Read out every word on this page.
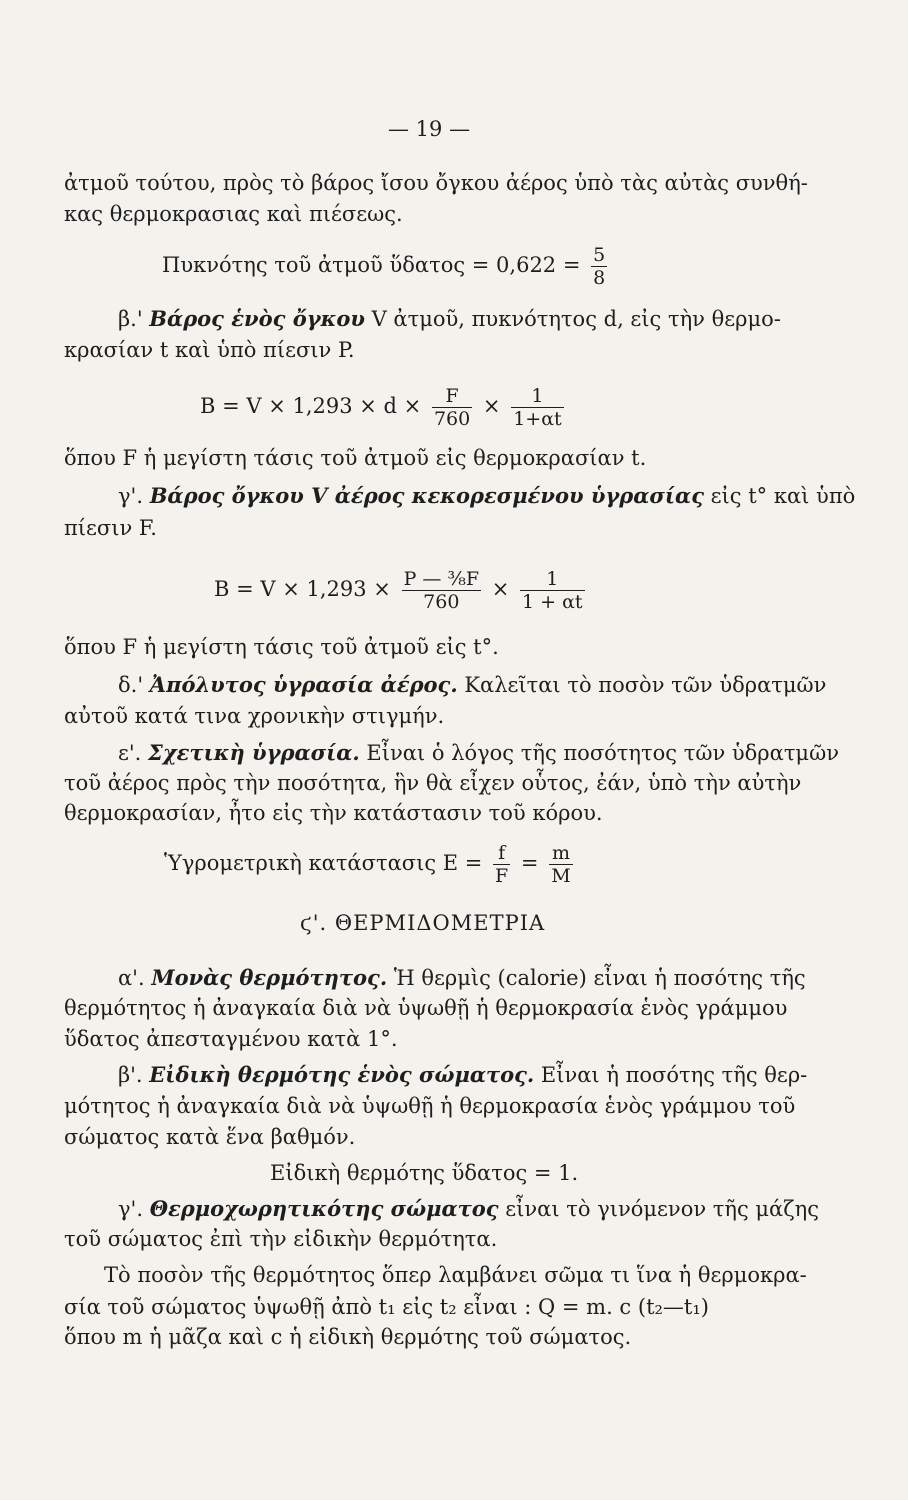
— 19 —
ἀτμοῦ τούτου, πρὸς τὸ βάρος ἴσου ὄγκου ἀέρος ὑπὸ τὰς αὐτὰς συνθή-
κας θερμοκρασιας καὶ πιέσεως.
Πυκνότης τοῦ ἀτμοῦ ὕδατος = $0,622 = \frac{5}{8}$
β.' Βάρος ἑνὸς ὄγκου V ἀτμοῦ, πυκνότητος d, εἰς τὴν θερμο-
κρασίαν t καὶ ὑπὸ πίεσιν P.
$B = V \times 1,293 \times d \times \frac{F}{760} \times \frac{1}{1+\alpha t}$
ὅπου F ἡ μεγίστη τάσις τοῦ ἀτμοῦ εἰς θερμοκρασίαν t.
γ'. Βάρος ὄγκου V ἀέρος κεκορεσμένου ὑγρασίας εἰς t° καὶ ὑπὸ
πίεσιν F.
$B = V \times 1,293 \times \frac{\text{P — ³⁄₈F}}{760} \times \frac{1}{1 + \alpha t}$
ὅπου F ἡ μεγίστη τάσις τοῦ ἀτμοῦ εἰς t°.
δ.' Ἀπόλυτος ὑγρασία ἀέρος. Καλεῖται τὸ ποσὸν τῶν ὑδρατμῶν
αὐτοῦ κατά τινα χρονικὴν στιγμήν.
ε'. Σχετικὴ ὑγρασία. Εἶναι ὁ λόγος τῆς ποσότητος τῶν ὑδρατμῶν
τοῦ ἀέρος πρὸς τὴν ποσότητα, ἣν θὰ εἶχεν οὗτος, ἐάν, ὑπὸ τὴν αὐτὴν
θερμοκρασίαν, ἦτο εἰς τὴν κατάστασιν τοῦ κόρου.
Ὑγρομετρικὴ κατάστασις $E = \frac{f}{F} = \frac{m}{M}$
ϛ'. ΘΕΡΜΙΔΟΜΕΤΡΙΑ
α'. Μονὰς θερμότητος. Ἡ θερμὶς (calorie) εἶναι ἡ ποσότης τῆς
θερμότητος ἡ ἀναγκαία διὰ νὰ ὑψωθῇ ἡ θερμοκρασία ἑνὸς γράμμου
ὕδατος ἀπεσταγμένου κατὰ 1°.
β'. Εἰδικὴ θερμότης ἑνὸς σώματος. Εἶναι ἡ ποσότης τῆς θερ-
μότητος ἡ ἀναγκαία διὰ νὰ ὑψωθῇ ἡ θερμοκρασία ἑνὸς γράμμου τοῦ
σώματος κατὰ ἕνα βαθμόν.
Εἰδικὴ θερμότης ὕδατος = 1.
γ'. Θερμοχωρητικότης σώματος εἶναι τὸ γινόμενον τῆς μάζης
τοῦ σώματος ἐπὶ τὴν εἰδικὴν θερμότητα.
Τὸ ποσὸν τῆς θερμότητος ὅπερ λαμβάνει σῶμα τι ἵνα ἡ θερμοκρα-
σία τοῦ σώματος ὑψωθῇ ἀπὸ t₁ εἰς t₂ εἶναι : Q = m. c (t₂—t₁)
ὅπου m ἡ μᾶζα καὶ c ἡ εἰδικὴ θερμότης τοῦ σώματος.
